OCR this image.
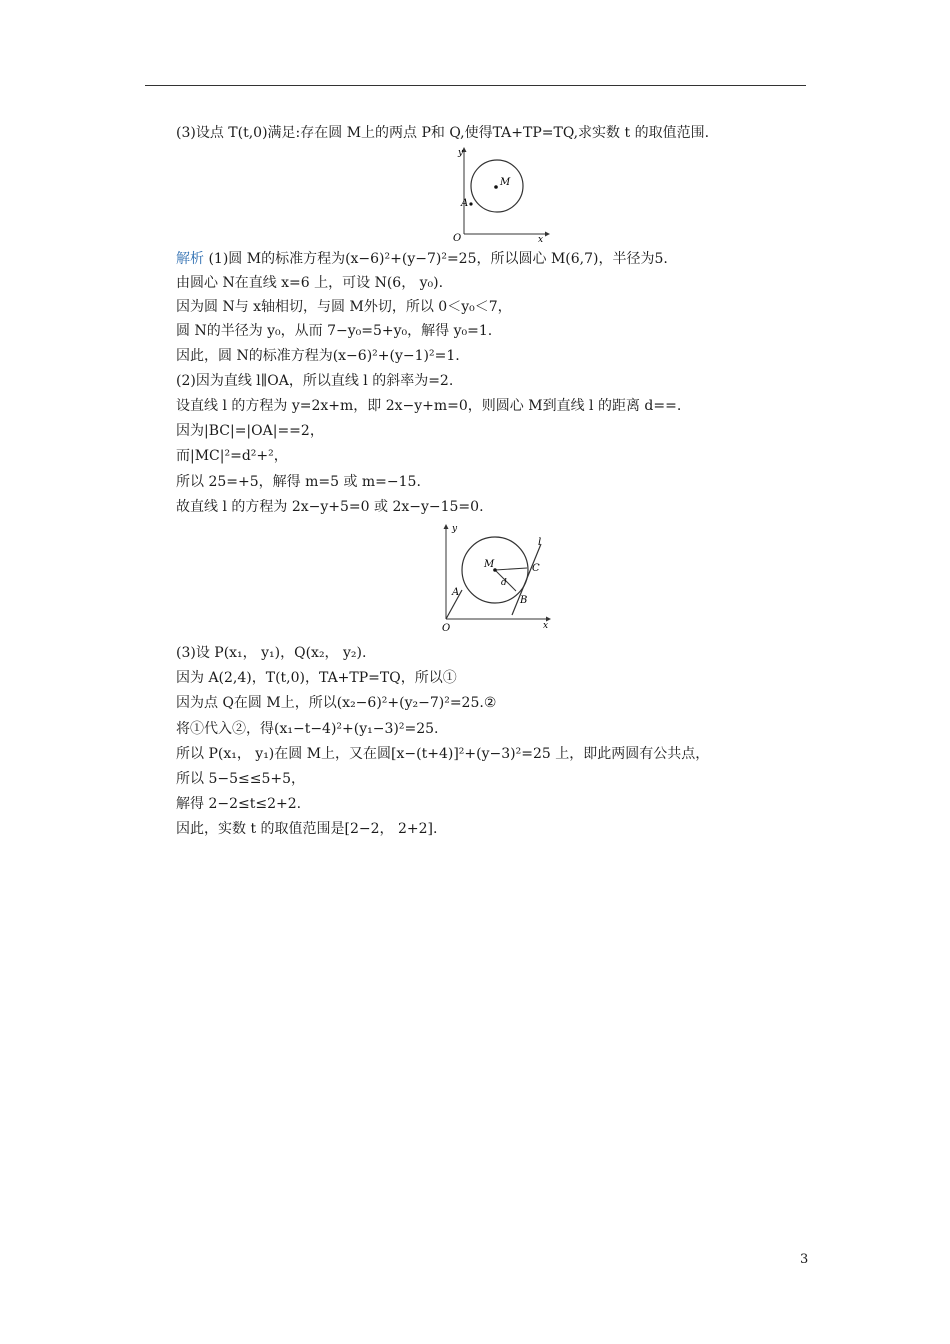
(3)设点 T(t,0)满足:存在圆 M上的两点 P和 Q,使得TA+TP=TQ,求实数 t 的取值范围.
y
x
O
A
M
解析 (1)圆 M的标准方程为(x−6)²+(y−7)²=25，所以圆心 M(6,7)，半径为5.
由圆心 N在直线 x=6 上，可设 N(6， y₀).
因为圆 N与 x轴相切，与圆 M外切，所以 0＜y₀＜7，
圆 N的半径为 y₀，从而 7−y₀=5+y₀，解得 y₀=1.
因此，圆 N的标准方程为(x−6)²+(y−1)²=1.
(2)因为直线 l∥OA，所以直线 l 的斜率为=2.
设直线 l 的方程为 y=2x+m，即 2x−y+m=0，则圆心 M到直线 l 的距离 d==.
因为|BC|=|OA|==2，
而|MC|²=d²+²，
所以 25=+5，解得 m=5 或 m=−15.
故直线 l 的方程为 2x−y+5=0 或 2x−y−15=0.
y
x
O
A
M	C
B
d
l
(3)设 P(x₁， y₁)，Q(x₂， y₂).
因为 A(2,4)，T(t,0)，TA+TP=TQ，所以①
因为点 Q在圆 M上，所以(x₂−6)²+(y₂−7)²=25.②
将①代入②，得(x₁−t−4)²+(y₁−3)²=25.
所以 P(x₁， y₁)在圆 M上，又在圆[x−(t+4)]²+(y−3)²=25 上，即此两圆有公共点，
所以 5−5≤≤5+5，
解得 2−2≤t≤2+2.
因此，实数 t 的取值范围是[2−2， 2+2].
3
